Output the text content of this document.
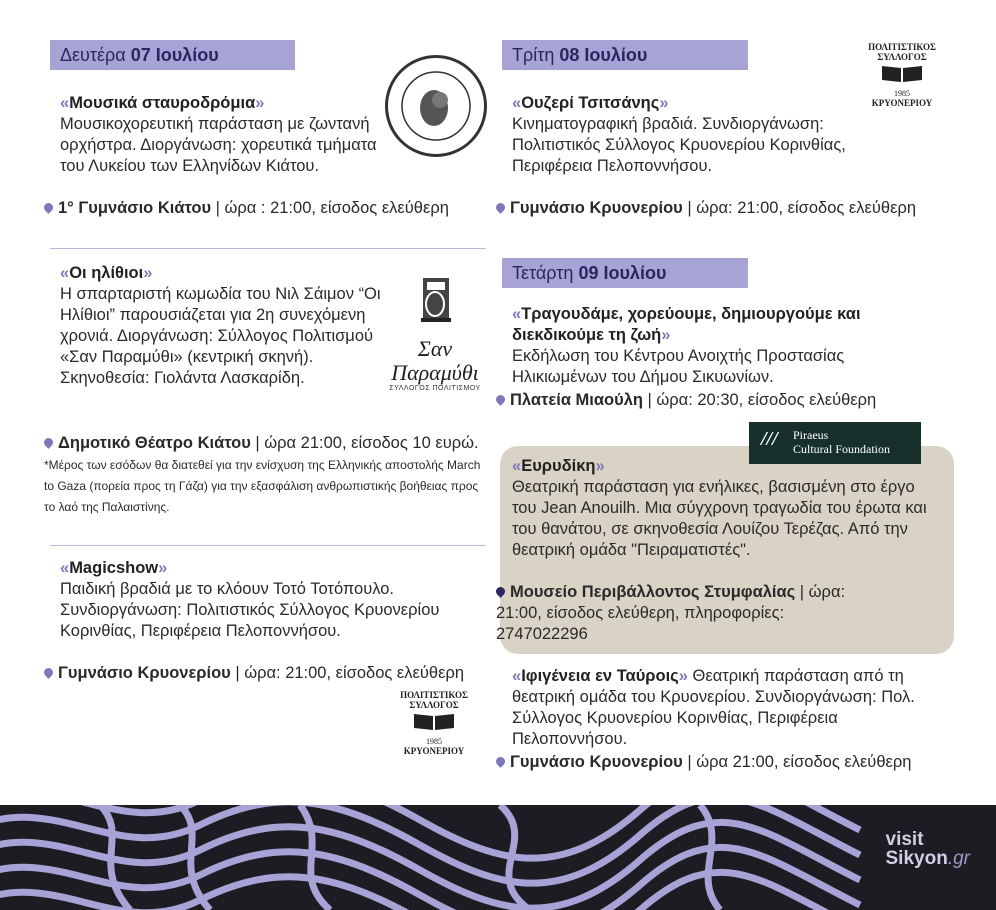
Δευτέρα 07 Ιουλίου
«Μουσικά σταυροδρόμια»
Μουσικοχορευτική παράσταση με ζωντανή ορχήστρα. Διοργάνωση: χορευτικά τμήματα του Λυκείου των Ελληνίδων Κιάτου.
1° Γυμνάσιο Κιάτου | ώρα : 21:00, είσοδος ελεύθερη
«Οι ηλίθιοι»
Η σπαρταριστή κωμωδία του Νιλ Σάιμον “Οι Ηλίθιοι” παρουσιάζεται για 2η συνεχόμενη χρονιά. Διοργάνωση: Σύλλογος Πολιτισμού «Σαν Παραμύθι» (κεντρική σκηνή). Σκηνοθεσία: Γιολάντα Λασκαρίδη.
Δημοτικό Θέατρο Κιάτου | ώρα 21:00, είσοδος 10 ευρώ. *Μέρος των εσόδων θα διατεθεί για την ενίσχυση της Ελληνικής αποστολής March to Gaza (πορεία προς τη Γάζα) για την εξασφάλιση ανθρωπιστικής βοήθειας προς το λαό της Παλαιστίνης.
«Magicshow»
Παιδική βραδιά με το κλόουν Τοτό Τοτόπουλο. Συνδιοργάνωση: Πολιτιστικός Σύλλογος Κρυονερίου Κορινθίας, Περιφέρεια Πελοποννήσου.
Γυμνάσιο Κρυονερίου | ώρα: 21:00, είσοδος ελεύθερη
Σαν Παραμύθι
ΣΥΛΛΟΓΟΣ ΠΟΛΙΤΙΣΜΟΥ
ΠΟΛΙΤΙΣΤΙΚΟΣ
ΣΥΛΛΟΓΟΣ
1985
ΚΡΥΟΝΕΡΙΟΥ
Τρίτη 08 Ιουλίου	ΠΟΛΙΤΙΣΤΙΚΟΣ
ΣΥΛΛΟΓΟΣ
1985
ΚΡΥΟΝΕΡΙΟΥ
«Ουζερί Τσιτσάνης»
Κινηματογραφική βραδιά. Συνδιοργάνωση: Πολιτιστικός Σύλλογος Κρυονερίου Κορινθίας, Περιφέρεια Πελοποννήσου.
Γυμνάσιο Κρυονερίου | ώρα: 21:00, είσοδος ελεύθερη
Τετάρτη 09 Ιουλίου
«Τραγουδάμε, χορεύουμε, δημιουργούμε και διεκδικούμε τη ζωή»
Εκδήλωση του Κέντρου Ανοιχτής Προστασίας Ηλικιωμένων του Δήμου Σικυωνίων.
Πλατεία Μιαούλη | ώρα: 20:30, είσοδος ελεύθερη
/// Piraeus
Cultural Foundation
«Ευρυδίκη»
Θεατρική παράσταση για ενήλικες, βασισμένη στο έργο του Jean Anouilh. Μια σύγχρονη τραγωδία του έρωτα και του θανάτου, σε σκηνοθεσία Λουίζου Τερέζας. Από την θεατρική ομάδα "Πειραματιστές".
Μουσείο Περιβάλλοντος Στυμφαλίας | ώρα: 21:00, είσοδος ελεύθερη, πληροφορίες: 2747022296
«Ιφιγένεια εν Ταύροις» Θεατρική παράσταση από τη θεατρική ομάδα του Κρυονερίου. Συνδιοργάνωση: Πολ. Σύλλογος Κρυονερίου Κορινθίας, Περιφέρεια Πελοποννήσου.
Γυμνάσιο Κρυονερίου | ώρα 21:00, είσοδος ελεύθερη
visit
Sikyon.gr
